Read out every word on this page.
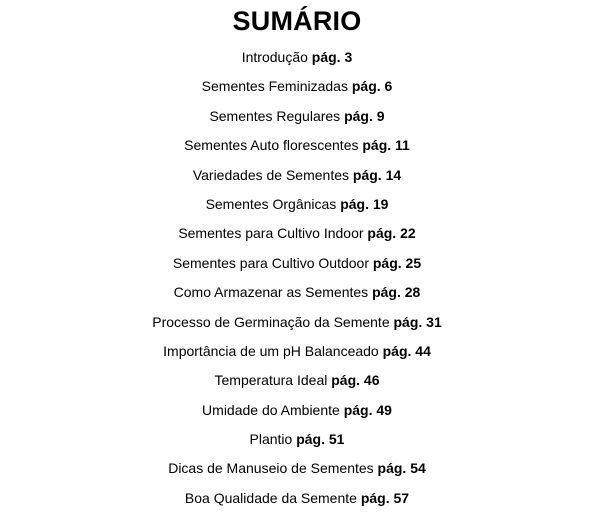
SUMÁRIO
Introdução pág. 3
Sementes Feminizadas pág. 6
Sementes Regulares pág. 9
Sementes Auto florescentes pág. 11
Variedades de Sementes pág. 14
Sementes Orgânicas pág. 19
Sementes para Cultivo Indoor pág. 22
Sementes para Cultivo Outdoor pág. 25
Como Armazenar as Sementes pág. 28
Processo de Germinação da Semente pág. 31
Importância de um pH Balanceado pág. 44
Temperatura Ideal pág. 46
Umidade do Ambiente pág. 49
Plantio pág. 51
Dicas de Manuseio de Sementes pág. 54
Boa Qualidade da Semente pág. 57
